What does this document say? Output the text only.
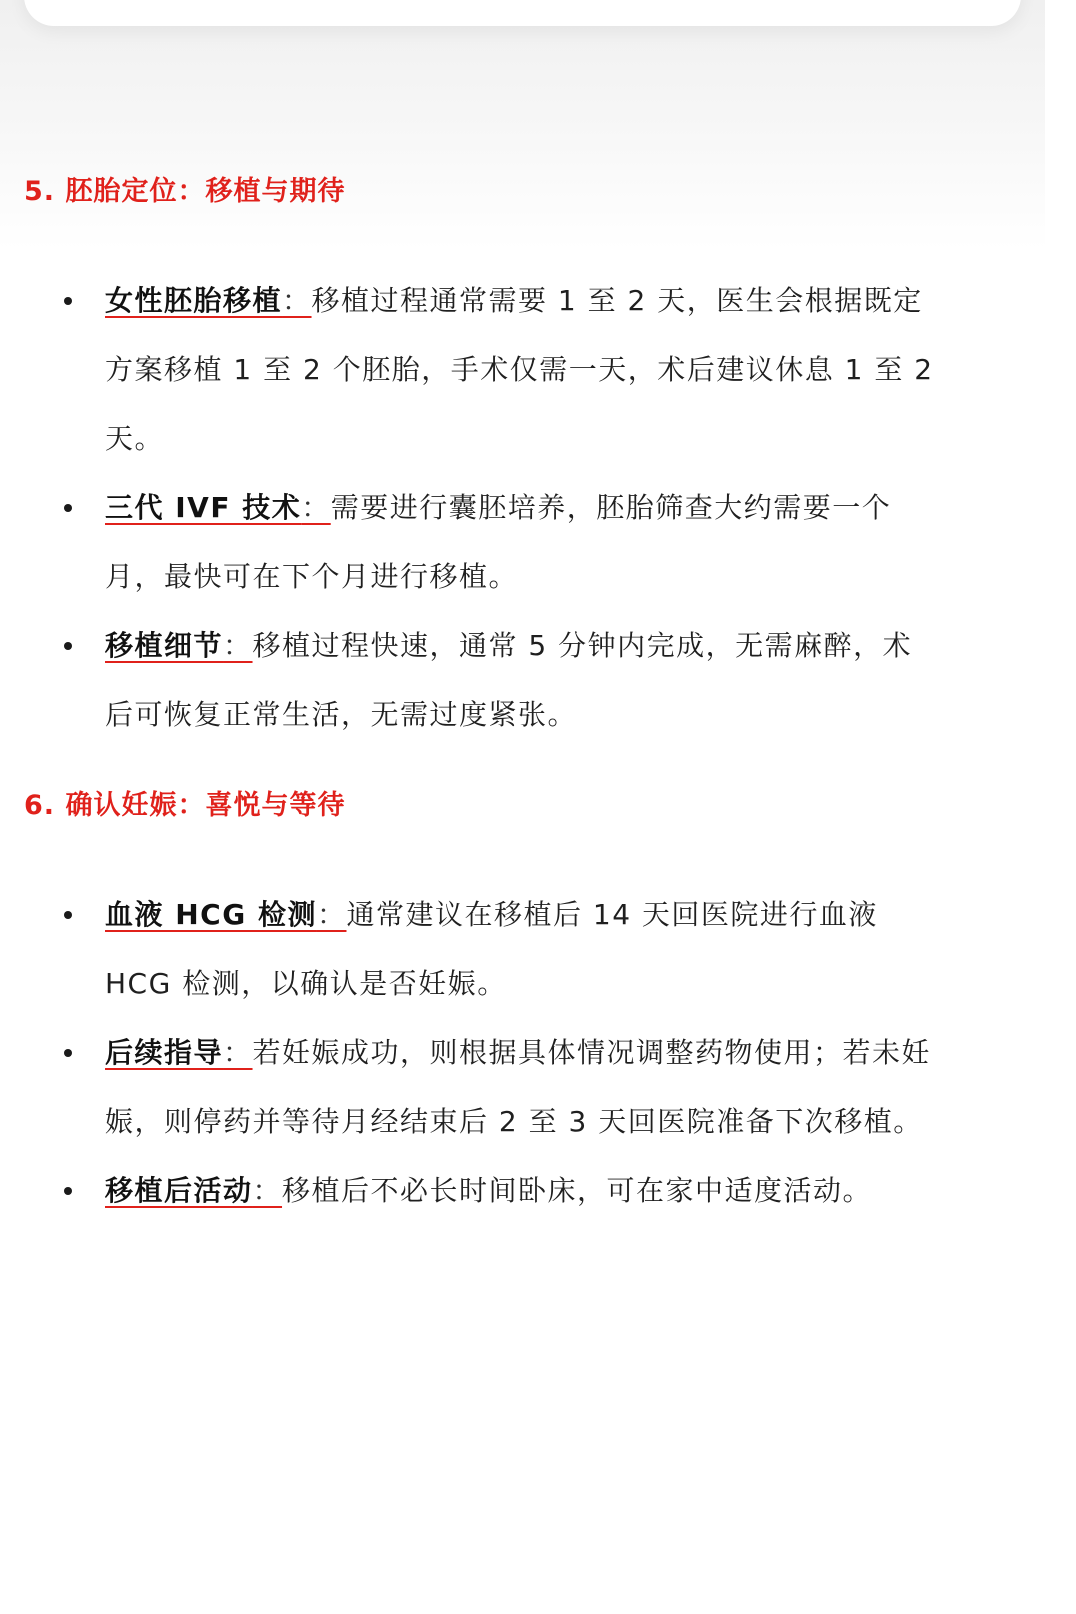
5. 胚胎定位：移植与期待
女性胚胎移植：移植过程通常需要 1 至 2 天，医生会根据既定方案移植 1 至 2 个胚胎，手术仅需一天，术后建议休息 1 至 2 天。
三代 IVF 技术：需要进行囊胚培养，胚胎筛查大约需要一个月，最快可在下个月进行移植。
移植细节：移植过程快速，通常 5 分钟内完成，无需麻醉，术后可恢复正常生活，无需过度紧张。
6. 确认妊娠：喜悦与等待
血液 HCG 检测：通常建议在移植后 14 天回医院进行血液 HCG 检测，以确认是否妊娠。
后续指导：若妊娠成功，则根据具体情况调整药物使用；若未妊娠，则停药并等待月经结束后 2 至 3 天回医院准备下次移植。
移植后活动：移植后不必长时间卧床，可在家中适度活动。
